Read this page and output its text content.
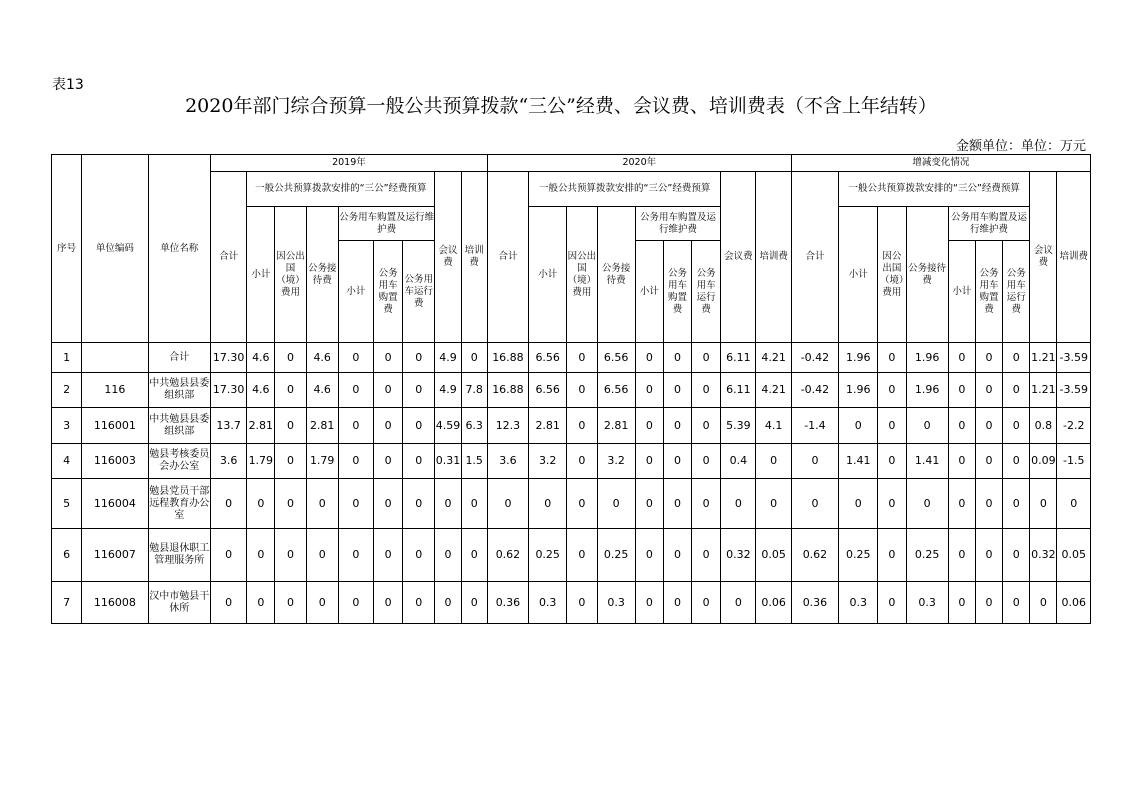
表13
2020年部门综合预算一般公共预算拨款“三公”经费、会议费、培训费表（不含上年结转）
金额单位：单位：万元
序号	单位编码	单位名称	2019年									2020年									增减变化情况								
			合计	一般公共预算拨款安排的“三公”经费预算						会议费	培训费	合计	一般公共预算拨款安排的“三公”经费预算						会议费	培训费	合计	一般公共预算拨款安排的“三公”经费预算						会议费	培训费
				小计	因公出国（境）费用	公务接待费	公务用车购置及运行维护费						小计	因公出国（境）费用	公务接待费	公务用车购置及运行维护费						小计	因公出国（境）费用	公务接待费	公务用车购置及运行维护费				
							小计	公务用车购置费	公务用车运行费							小计	公务用车购置费	公务用车运行费							小计	公务用车购置费	公务用车运行费		
1		合计	17.30	4.6	0	4.6	0	0	0	4.9	0	16.88	6.56	0	6.56	0	0	0	6.11	4.21	-0.42	1.96	0	1.96	0	0	0	1.21	-3.59
2	116	中共勉县县委组织部	17.30	4.6	0	4.6	0	0	0	4.9	7.8	16.88	6.56	0	6.56	0	0	0	6.11	4.21	-0.42	1.96	0	1.96	0	0	0	1.21	-3.59
3	116001	中共勉县县委组织部	13.7	2.81	0	2.81	0	0	0	4.59	6.3	12.3	2.81	0	2.81	0	0	0	5.39	4.1	-1.4	0	0	0	0	0	0	0.8	-2.2
4	116003	勉县考核委员会办公室	3.6	1.79	0	1.79	0	0	0	0.31	1.5	3.6	3.2	0	3.2	0	0	0	0.4	0	0	1.41	0	1.41	0	0	0	0.09	-1.5
5	116004	勉县党员干部远程教育办公室	0	0	0	0	0	0	0	0	0	0	0	0	0	0	0	0	0	0	0	0	0	0	0	0	0	0	0
6	116007	勉县退休职工管理服务所	0	0	0	0	0	0	0	0	0	0.62	0.25	0	0.25	0	0	0	0.32	0.05	0.62	0.25	0	0.25	0	0	0	0.32	0.05
7	116008	汉中市勉县干休所	0	0	0	0	0	0	0	0	0	0.36	0.3	0	0.3	0	0	0	0	0.06	0.36	0.3	0	0.3	0	0	0	0	0.06
